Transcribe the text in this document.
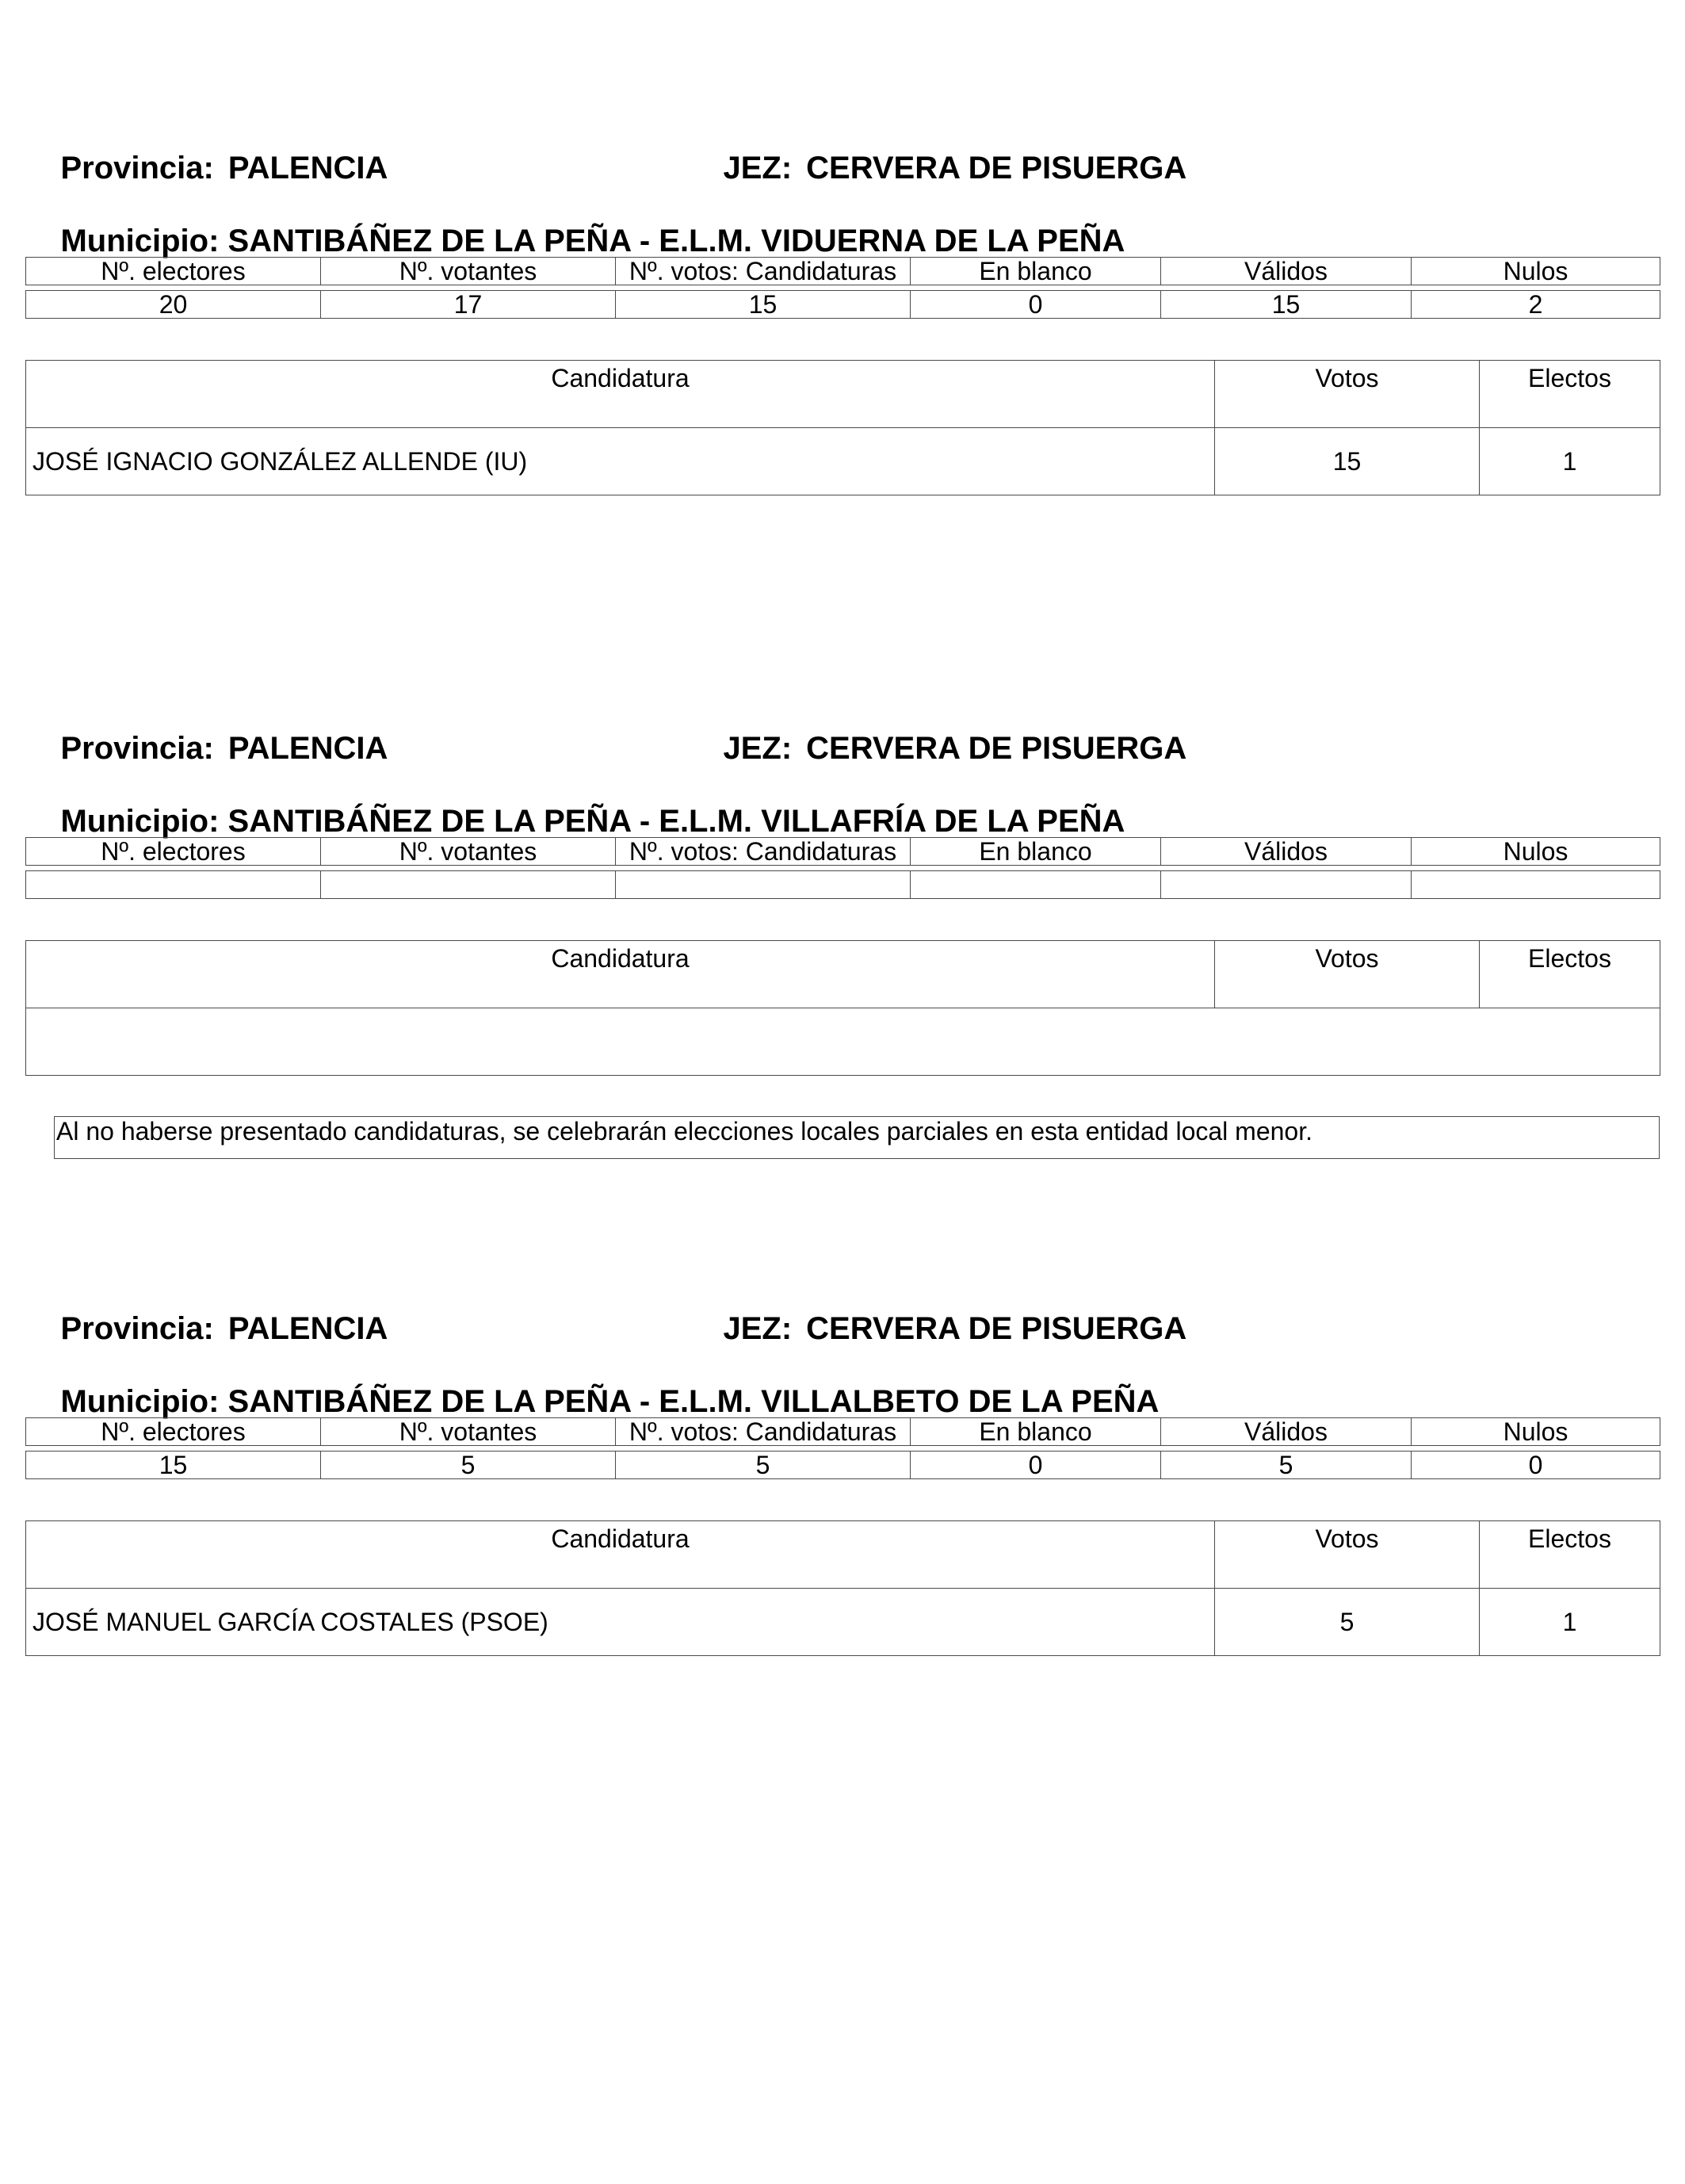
Provincia: PALENCIA
	JEZ: CERVERA DE PISUERGA

Municipio: SANTIBÁÑEZ DE LA PEÑA - E.L.M. VIDUERNA DE LA PEÑA

Nº. electores	Nº. votantes	Nº. votos: Candidaturas	En blanco	Válidos	Nulos

20	17	15	0	15	2
Candidatura	Votos	Electos
JOSÉ IGNACIO GONZÁLEZ ALLENDE (IU)	15	1

Provincia: PALENCIA
	JEZ: CERVERA DE PISUERGA

Municipio: SANTIBÁÑEZ DE LA PEÑA - E.L.M. VILLAFRÍA DE LA PEÑA

Nº. electores	Nº. votantes	Nº. votos: Candidaturas	En blanco	Válidos	Nulos

Candidatura	Votos	Electos

Al no haberse presentado candidaturas, se celebrarán elecciones locales parciales en esta entidad local menor.

Provincia: PALENCIA
	JEZ: CERVERA DE PISUERGA

Municipio: SANTIBÁÑEZ DE LA PEÑA - E.L.M. VILLALBETO DE LA PEÑA

Nº. electores	Nº. votantes	Nº. votos: Candidaturas	En blanco	Válidos	Nulos

15	5	5	0	5	0
Candidatura	Votos	Electos
JOSÉ MANUEL GARCÍA COSTALES (PSOE)	5	1
